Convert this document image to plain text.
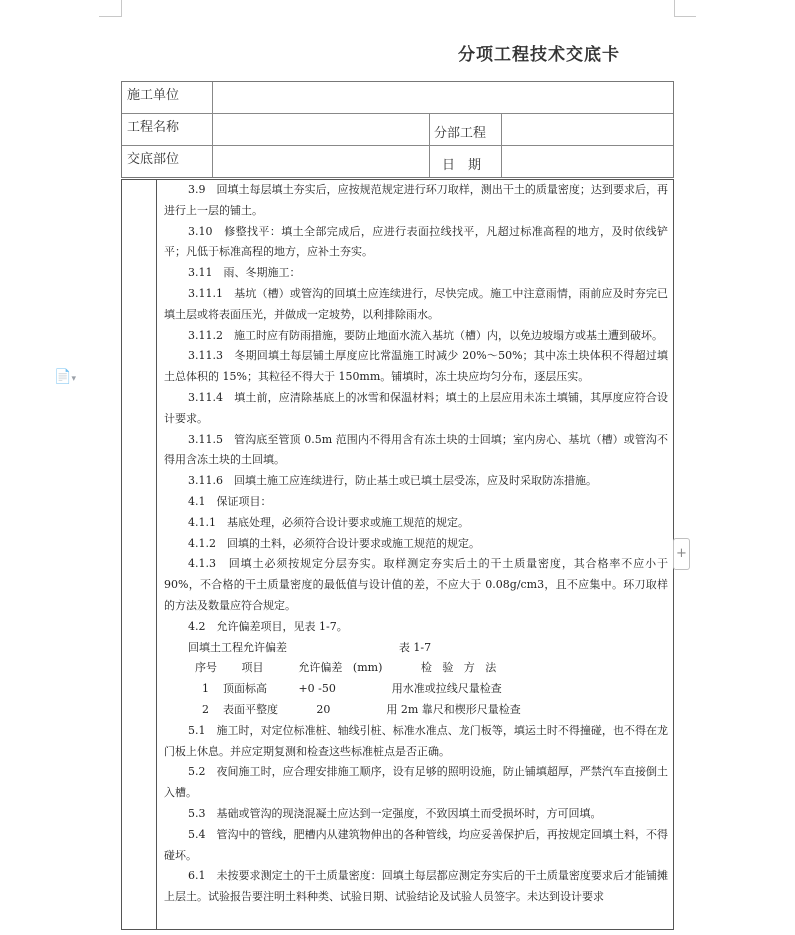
分项工程技术交底卡
施工单位
工程名称	分部工程
交底部位	日　期

3.9　回填土每层填土夯实后，应按规范规定进行环刀取样，测出干土的质量密度；达到要求后，再进行上一层的铺土。

3.10　修整找平：填土全部完成后，应进行表面拉线找平，凡超过标准高程的地方，及时依线铲平；凡低于标准高程的地方，应补土夯实。

3.11　雨、冬期施工：

3.11.1　基坑（槽）或管沟的回填土应连续进行，尽快完成。施工中注意雨情，雨前应及时夯完已填土层或将表面压光，并做成一定坡势，以利排除雨水。

3.11.2　施工时应有防雨措施，要防止地面水流入基坑（槽）内，以免边坡塌方或基土遭到破坏。

3.11.3　冬期回填土每层铺土厚度应比常温施工时减少 20%～50%；其中冻土块体积不得超过填土总体积的 15%；其粒径不得大于 150mm。铺填时，冻土块应均匀分布，逐层压实。

3.11.4　填土前，应清除基底上的冰雪和保温材料；填土的上层应用未冻土填铺，其厚度应符合设计要求。

3.11.5　管沟底至管顶 0.5m 范围内不得用含有冻土块的士回填；室内房心、基坑（槽）或管沟不得用含冻土块的土回填。

3.11.6　回填土施工应连续进行，防止基土或已填土层受冻，应及时采取防冻措施。

4.1　保证项目：

4.1.1　基底处理，必须符合设计要求或施工规范的规定。

4.1.2　回填的土料，必须符合设计要求或施工规范的规定。

4.1.3　回填土必须按规定分层夯实。取样测定夯实后土的干土质量密度，其合格率不应小于 90%，不合格的干土质量密度的最低值与设计值的差，不应大于 0.08g/cm3，且不应集中。环刀取样的方法及数量应符合规定。

4.2　允许偏差项目，见表 1-7。

回填土工程允许偏差                                表 1-7

序号       项目          允许偏差   (mm)           检   验   方   法

1    顶面标高         +0 -50                用水准或拉线尺量检查

2    表面平整度           20                用 2m 靠尺和楔形尺量检查

5.1　施工时，对定位标准桩、轴线引桩、标准水准点、龙门板等，填运土时不得撞碰，也不得在龙门板上休息。并应定期复测和检查这些标准桩点是否正确。

5.2　夜间施工时，应合理安排施工顺序，设有足够的照明设施，防止铺填超厚，严禁汽车直接倒土入槽。

5.3　基础或管沟的现浇混凝土应达到一定强度，不致因填土而受损坏时，方可回填。

5.4　管沟中的管线，肥槽内从建筑物伸出的各种管线，均应妥善保护后，再按规定回填土料，不得碰坏。

6.1　未按要求测定土的干土质量密度：回填土每层都应测定夯实后的干土质量密度要求后才能铺摊上层土。试验报告要注明土料种类、试验日期、试验结论及试验人员签字。未达到设计要求

📄▾
+
